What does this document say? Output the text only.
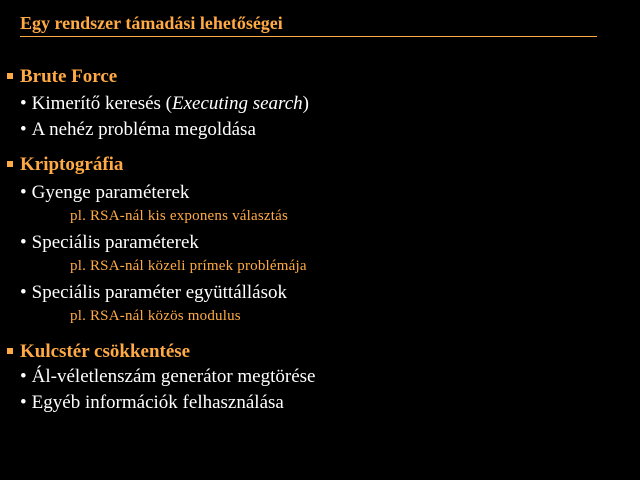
Egy rendszer támadási lehetőségei
Brute Force
• Kimerítő keresés (Executing search)
• A nehéz probléma megoldása
Kriptográfia
• Gyenge paraméterek
pl. RSA-nál kis exponens választás
• Speciális paraméterek
pl. RSA-nál közeli prímek problémája
• Speciális paraméter együttállások
pl. RSA-nál közös modulus
Kulcstér csökkentése
• Ál-véletlenszám generátor megtörése
• Egyéb információk felhasználása
